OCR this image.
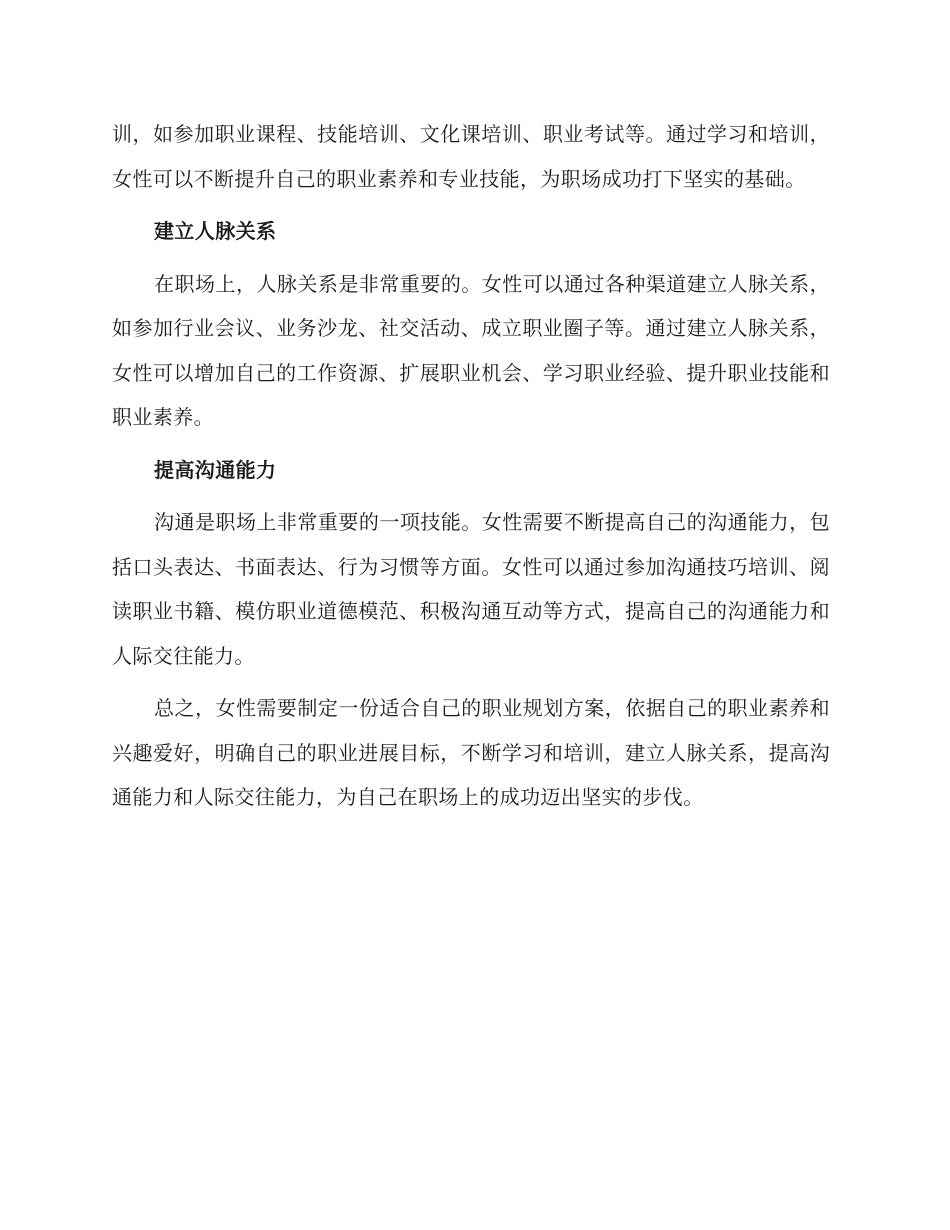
训，如参加职业课程、技能培训、文化课培训、职业考试等。通过学习和培训，女性可以不断提升自己的职业素养和专业技能，为职场成功打下坚实的基础。

建立人脉关系

在职场上，人脉关系是非常重要的。女性可以通过各种渠道建立人脉关系，如参加行业会议、业务沙龙、社交活动、成立职业圈子等。通过建立人脉关系，女性可以增加自己的工作资源、扩展职业机会、学习职业经验、提升职业技能和职业素养。

提高沟通能力

沟通是职场上非常重要的一项技能。女性需要不断提高自己的沟通能力，包括口头表达、书面表达、行为习惯等方面。女性可以通过参加沟通技巧培训、阅读职业书籍、模仿职业道德模范、积极沟通互动等方式，提高自己的沟通能力和人际交往能力。

总之，女性需要制定一份适合自己的职业规划方案，依据自己的职业素养和兴趣爱好，明确自己的职业进展目标，不断学习和培训，建立人脉关系，提高沟通能力和人际交往能力，为自己在职场上的成功迈出坚实的步伐。
